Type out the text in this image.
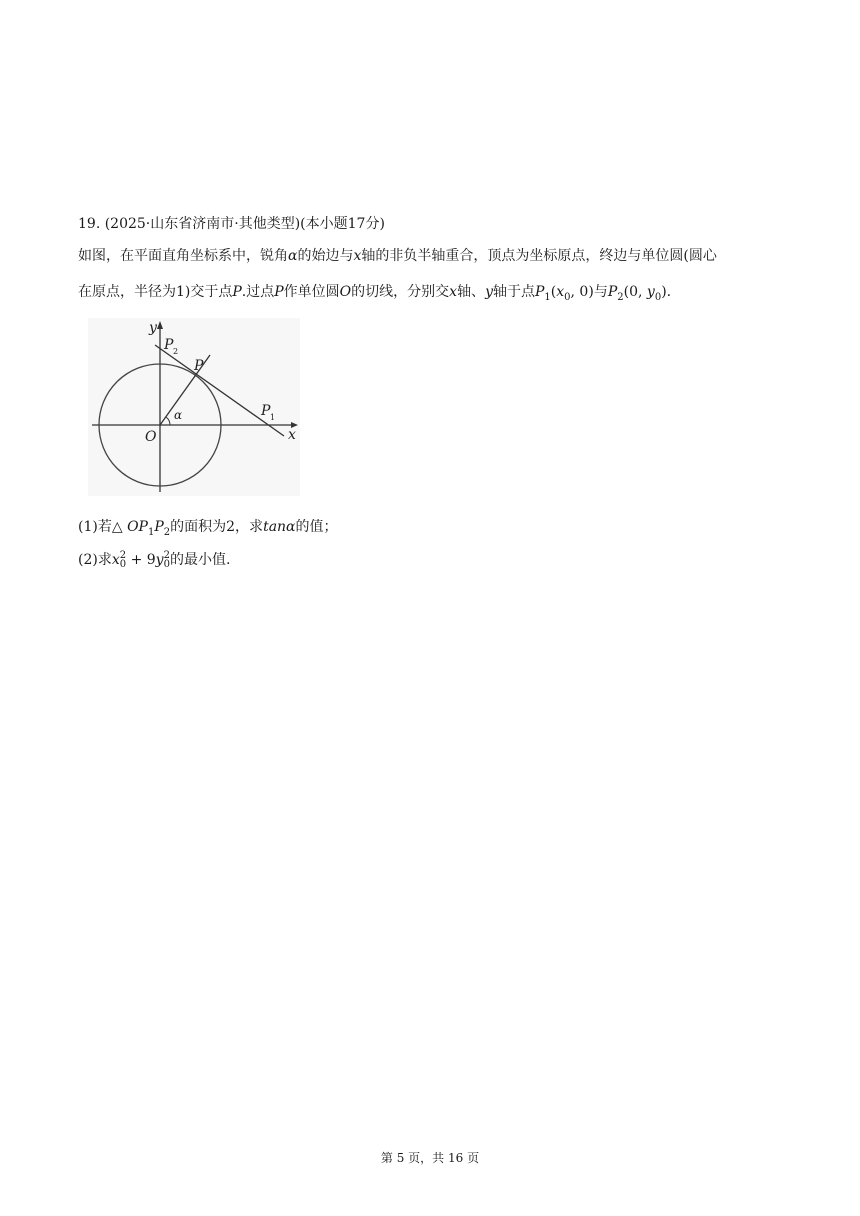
19. (2025·山东省济南市·其他类型)(本小题17分)
如图，在平面直角坐标系中，锐角α的始边与x轴的非负半轴重合，顶点为坐标原点，终边与单位圆(圆心
在原点，半径为1)交于点P.过点P作单位圆O的切线，分别交x轴、y轴于点$P_1(x_0$, 0)与$P_2(0$, $y_0$).
y
x
O
P
P 2
P 1
α
(1)若△ $OP_1P_2$的面积为2，求tanα的值；
(2)求x 2
0 + 9y 2
0 的最小值.
第 5 页，共 16 页
